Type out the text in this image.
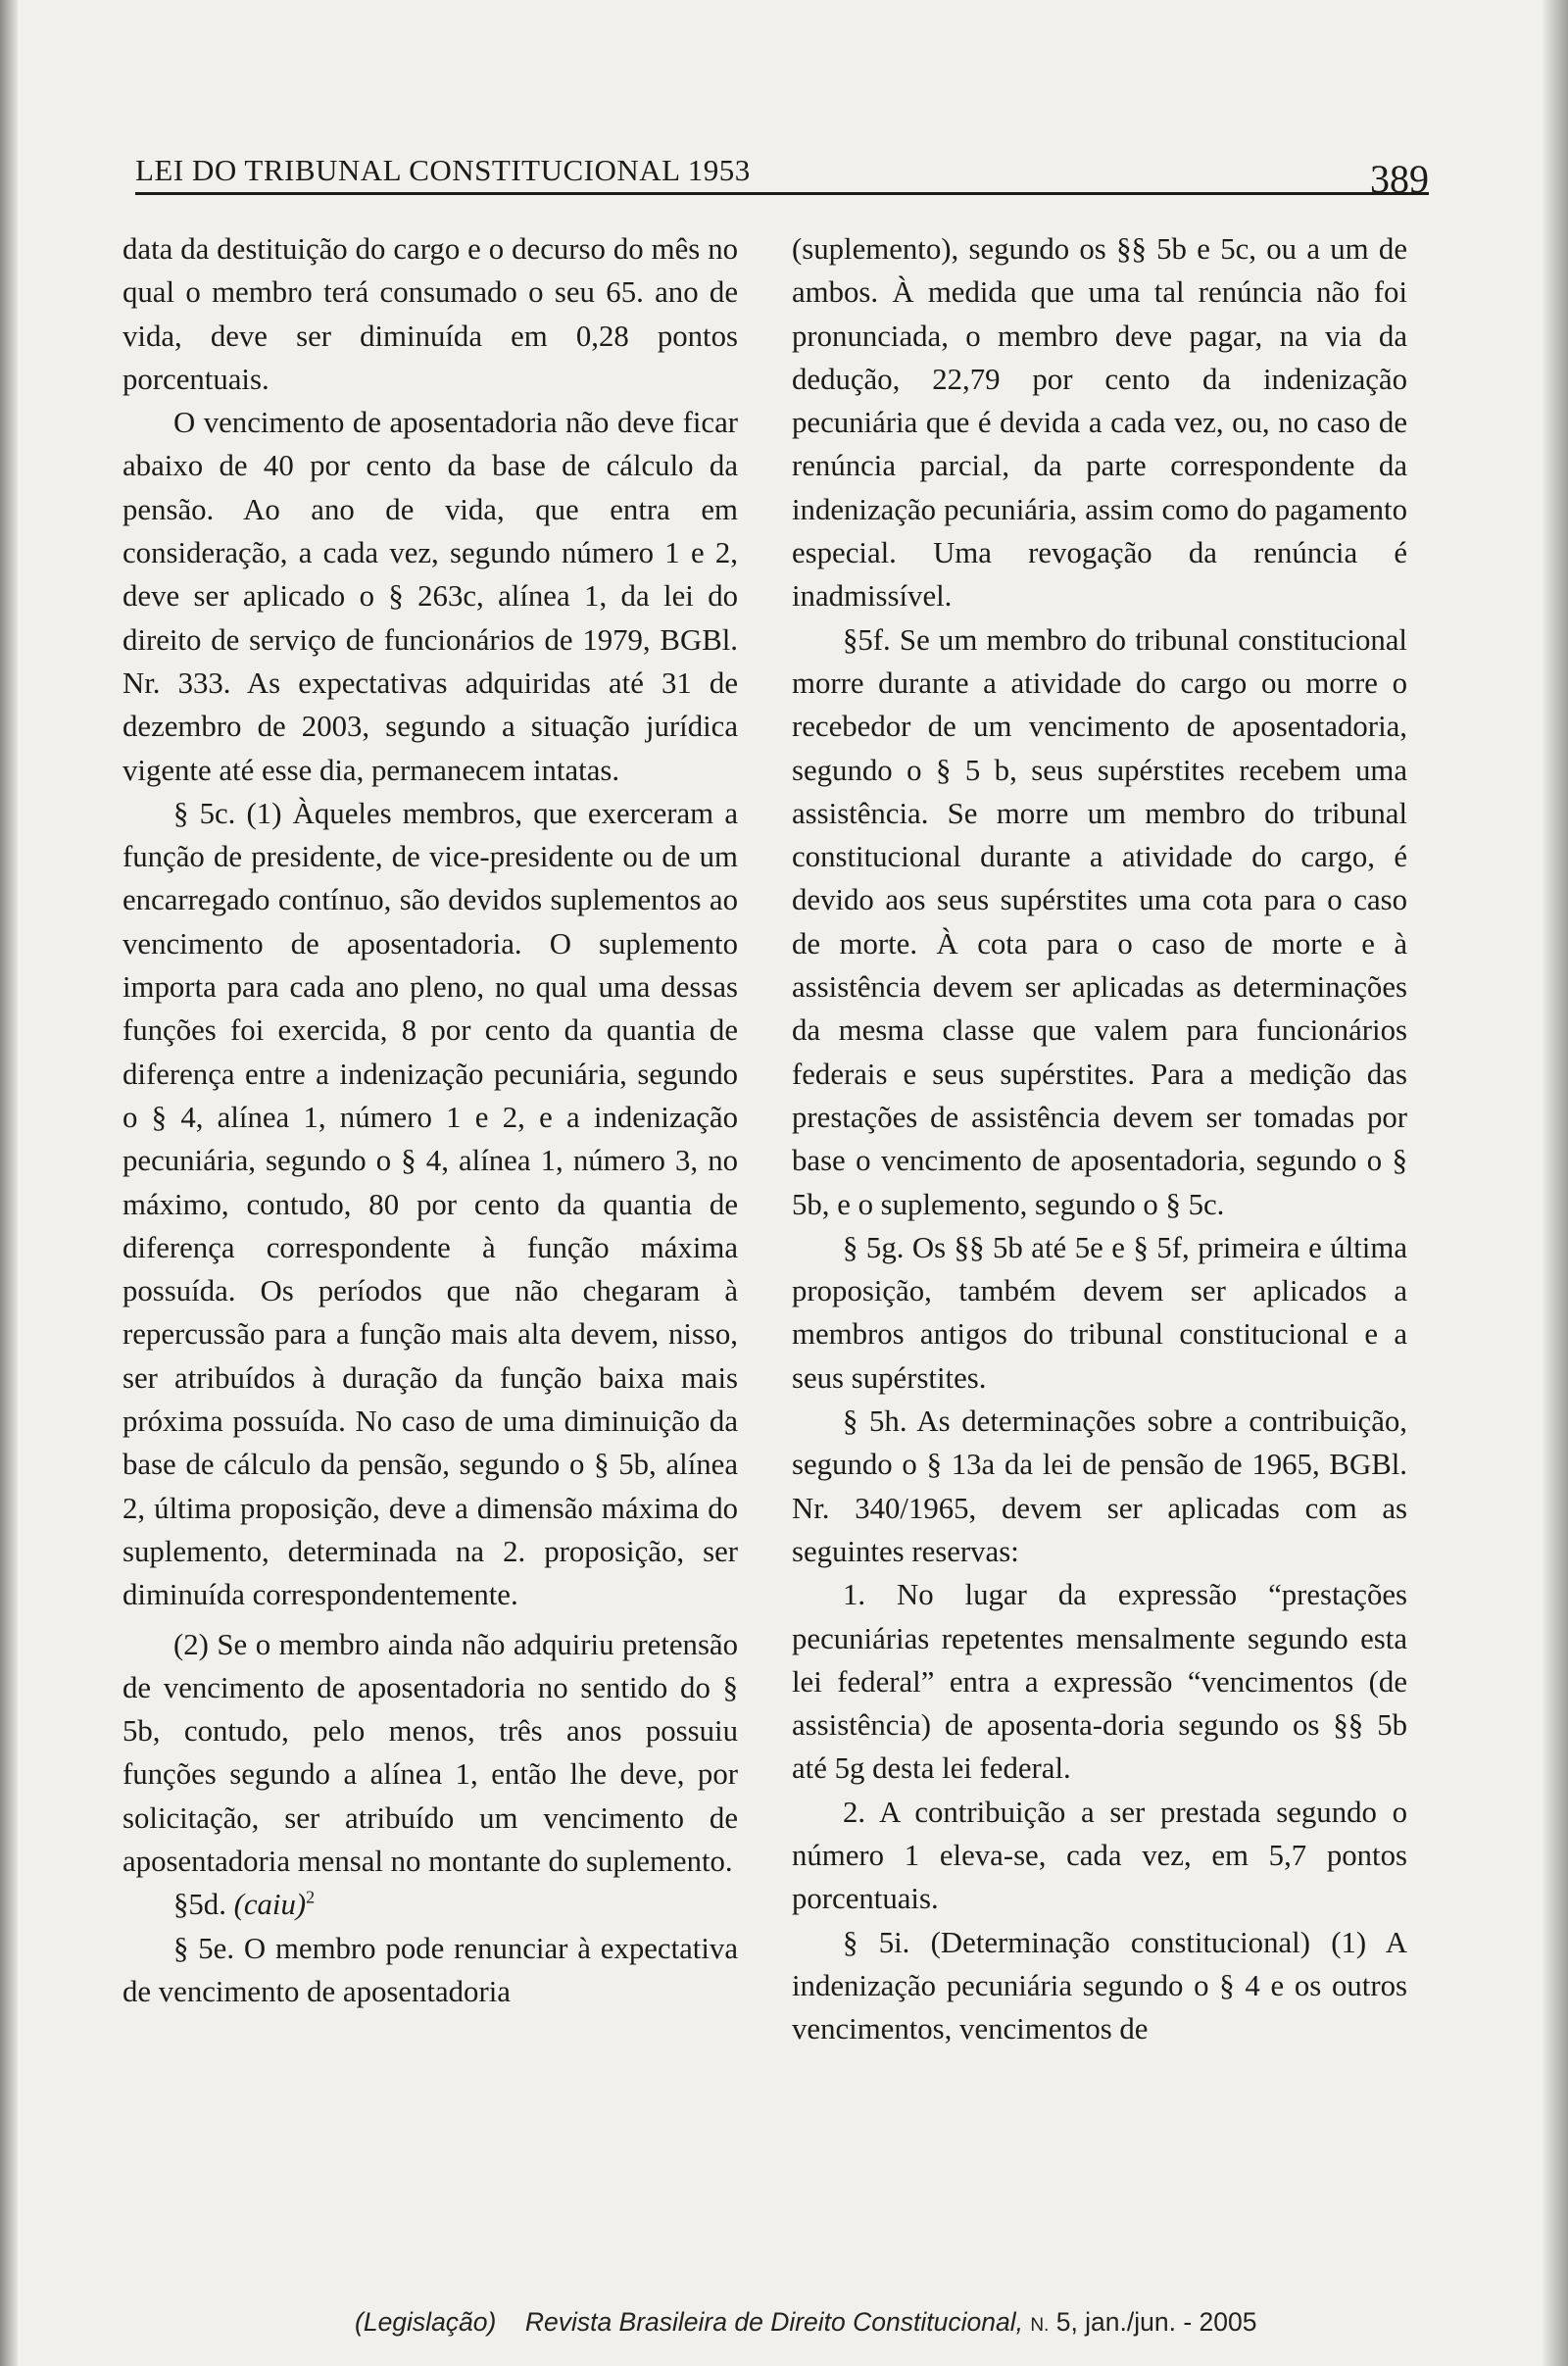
LEI DO TRIBUNAL CONSTITUCIONAL 1953	389

data da destituição do cargo e o decurso do mês no qual o membro terá consumado o seu 65. ano de vida, deve ser diminuída em 0,28 pontos porcentuais.

O vencimento de aposentadoria não deve ficar abaixo de 40 por cento da base de cálculo da pensão. Ao ano de vida, que entra em consideração, a cada vez, segundo número 1 e 2, deve ser aplicado o § 263c, alínea 1, da lei do direito de serviço de funcionários de 1979, BGBl. Nr. 333. As expectativas adquiridas até 31 de dezembro de 2003, segundo a situação jurídica vigente até esse dia, permanecem intatas.

§ 5c. (1) Àqueles membros, que exerceram a função de presidente, de vice-presidente ou de um encarregado contínuo, são devidos suplementos ao vencimento de aposentadoria. O suplemento importa para cada ano pleno, no qual uma dessas funções foi exercida, 8 por cento da quantia de diferença entre a indenização pecuniária, segundo o § 4, alínea 1, número 1 e 2, e a indenização pecuniária, segundo o § 4, alínea 1, número 3, no máximo, contudo, 80 por cento da quantia de diferença correspondente à função máxima possuída. Os períodos que não chegaram à repercussão para a função mais alta devem, nisso, ser atribuídos à duração da função baixa mais próxima possuída. No caso de uma diminuição da base de cálculo da pensão, segundo o § 5b, alínea 2, última proposição, deve a dimensão máxima do suplemento, determinada na 2. proposição, ser diminuída correspondentemente.

(2) Se o membro ainda não adquiriu pretensão de vencimento de aposentadoria no sentido do § 5b, contudo, pelo menos, três anos possuiu funções segundo a alínea 1, então lhe deve, por solicitação, ser atribuído um vencimento de aposentadoria mensal no montante do suplemento.

§5d. (caiu)$^2$

§ 5e. O membro pode renunciar à expectativa de vencimento de aposentadoria

(suplemento), segundo os §§ 5b e 5c, ou a um de ambos. À medida que uma tal renúncia não foi pronunciada, o membro deve pagar, na via da dedução, 22,79 por cento da indenização pecuniária que é devida a cada vez, ou, no caso de renúncia parcial, da parte correspondente da indenização pecuniária, assim como do pagamento especial. Uma revogação da renúncia é inadmissível.

§5f. Se um membro do tribunal constitucional morre durante a atividade do cargo ou morre o recebedor de um vencimento de aposentadoria, segundo o § 5 b, seus supérstites recebem uma assistência. Se morre um membro do tribunal constitucional durante a atividade do cargo, é devido aos seus supérstites uma cota para o caso de morte. À cota para o caso de morte e à assistência devem ser aplicadas as determinações da mesma classe que valem para funcionários federais e seus supérstites. Para a medição das prestações de assistência devem ser tomadas por base o vencimento de aposentadoria, segundo o § 5b, e o suplemento, segundo o § 5c.

§ 5g. Os §§ 5b até 5e e § 5f, primeira e última proposição, também devem ser aplicados a membros antigos do tribunal constitucional e a seus supérstites.

§ 5h. As determinações sobre a contribuição, segundo o § 13a da lei de pensão de 1965, BGBl. Nr. 340/1965, devem ser aplicadas com as seguintes reservas:

1. No lugar da expressão “prestações pecuniárias repetentes mensalmente segundo esta lei federal” entra a expressão “vencimentos (de assistência) de aposenta-doria segundo os §§ 5b até 5g desta lei federal.

2. A contribuição a ser prestada segundo o número 1 eleva-se, cada vez, em 5,7 pontos porcentuais.

§ 5i. (Determinação constitucional) (1) A indenização pecuniária segundo o § 4 e os outros vencimentos, vencimentos de

(Legislação) Revista Brasileira de Direito Constitucional, N. 5, jan./jun. - 2005
